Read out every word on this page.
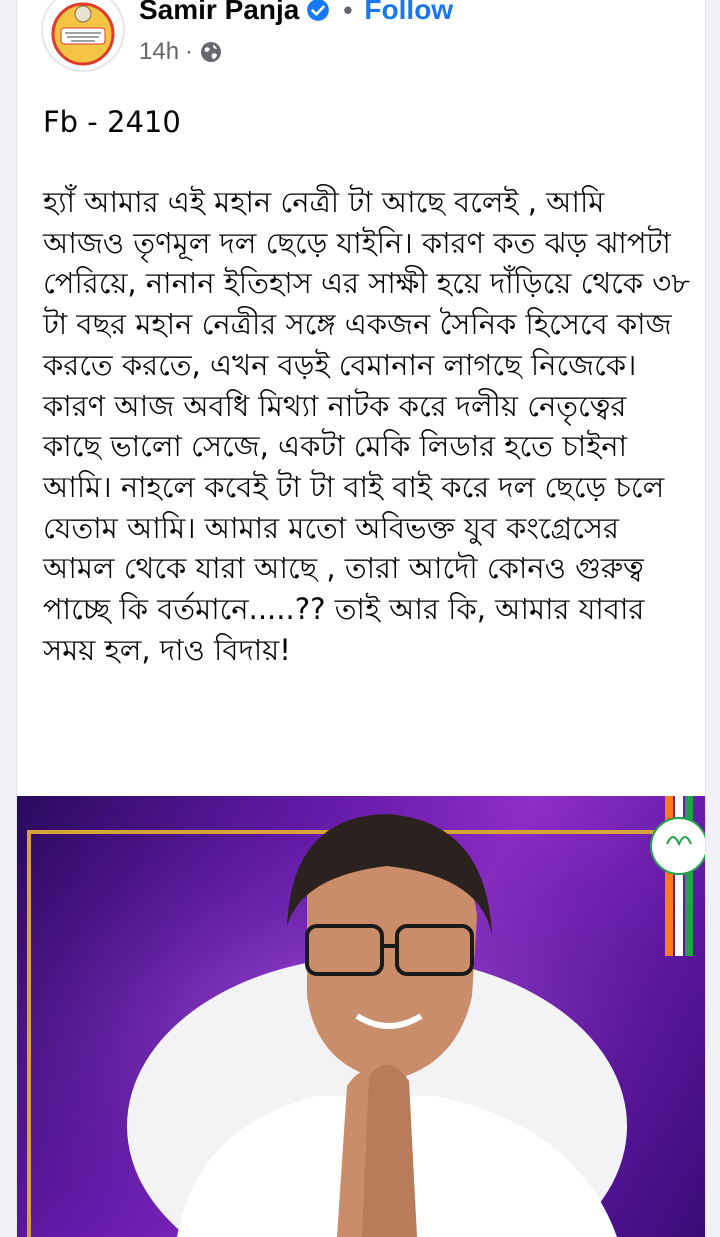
Samir Panja • Follow
14h ·

Fb - 2410

হ্যাঁ আমার এই মহান নেত্রী টা আছে বলেই , আমি আজও তৃণমূল দল ছেড়ে যাইনি। কারণ কত ঝড় ঝাপটা পেরিয়ে, নানান ইতিহাস এর সাক্ষী হয়ে দাঁড়িয়ে থেকে ৩৮ টা বছর মহান নেত্রীর সঙ্গে একজন সৈনিক হিসেবে কাজ করতে করতে, এখন বড়ই বেমানান লাগছে নিজেকে। কারণ আজ অবধি মিথ্যা নাটক করে দলীয় নেতৃত্বের কাছে ভালো সেজে, একটা মেকি লিডার হতে চাইনা আমি। নাহলে কবেই টা টা বাই বাই করে দল ছেড়ে চলে যেতাম আমি। আমার মতো অবিভক্ত যুব কংগ্রেসের আমল থেকে যারা আছে , তারা আদৌ কোনও গুরুত্ব পাচ্ছে কি বর্তমানে.....?? তাই আর কি, আমার যাবার সময় হল, দাও বিদায়!
